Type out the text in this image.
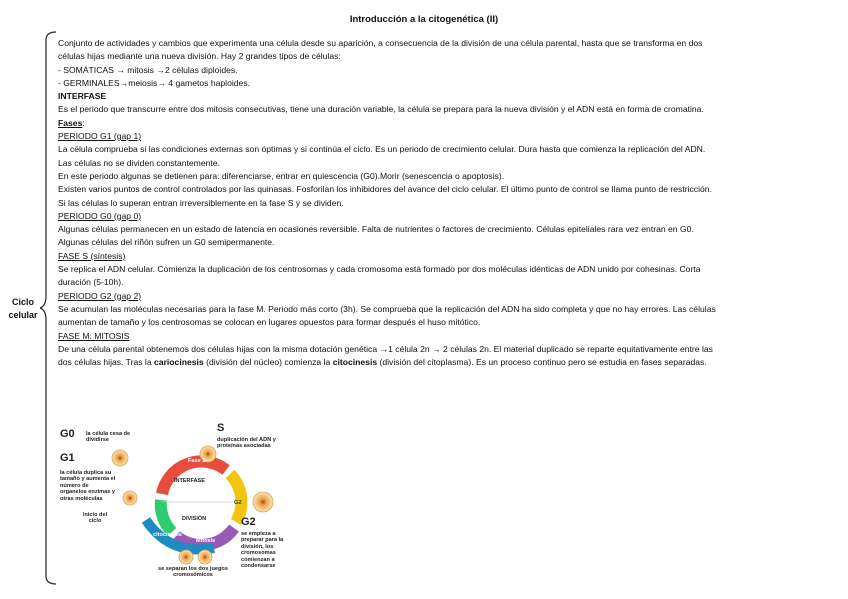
Introducción a la citogenética (II)
Ciclo
celular

Conjunto de actividades y cambios que experimenta una célula desde su aparición, a consecuencia de la división de una célula parental, hasta que se transforma en dos

células hijas mediante una nueva división. Hay 2 grandes tipos de células:

- SOMÁTICAS → mitosis →2 células diploides.

- GERMINALES→meiosis→ 4 gametos haploides.

INTERFASE

Es el periodo que transcurre entre dos mitosis consecutivas, tiene una duración variable, la célula se prepara para la nueva división y el ADN está en forma de cromatina.

Fases:

PERIODO G1 (gap 1)

La célula comprueba si las condiciones externas son óptimas y si continúa el ciclo. Es un periodo de crecimiento celular. Dura hasta que comienza la replicación del ADN.

Las células no se dividen constantemente.

En este periodo algunas se detienen para: diferenciarse, entrar en quiescencia (G0).Morir (senescencia o apoptosis).

Existen varios puntos de control controlados por las quinasas. Fosforilan los inhibidores del avance del ciclo celular. El último punto de control se llama punto de restricción.

Si las células lo superan entran irreversiblemente en la fase S y se dividen.

PERIODO G0 (gap 0)

Algunas células permanecen en un estado de latencia en ocasiones reversible. Falta de nutrientes o factores de crecimiento. Células epiteliales rara vez entran en G0.

Algunas células del riñón sufren un G0 semipermanente.

FASE S (síntesis)

Se replica el ADN celular. Comienza la duplicación de los centrosomas y cada cromosoma está formado por dos moléculas idénticas de ADN unido por cohesinas. Corta

duración (5-10h).

PERIODO G2 (gap 2)

Se acumulan las moléculas necesarias para la fase M. Periodo más corto (3h). Se comprueba que la replicación del ADN ha sido completa y que no hay errores. Las células

aumentan de tamaño y los centrosomas se colocan en lugares opuestos para formar después el huso mitótico.

FASE M: MITOSIS

De una célula parental obtenemos dos células hijas con la misma dotación genética →1 célula 2n → 2 células 2n. El material duplicado se reparte equitativamente entre las

dos células hijas. Tras la cariocinesis (división del núcleo) comienza la citocinesis (división del citoplasma). Es un proceso continuo pero se estudia en fases separadas.

INTERFASE
DIVISIÓN
Fase S
Mitosis
citocinesis
G1
G2
G0 la célula cesa de dividirse
G1
la célula duplica su tamaño y aumenta el número de organelos enzimas y otras moléculas
inicio del ciclo
S
duplicación del ADN y proteínas asociadas
G2
se empieza a preparar para la división, los cromosomas comienzan a condensarse
se separan los dos juegos cromosómicos
